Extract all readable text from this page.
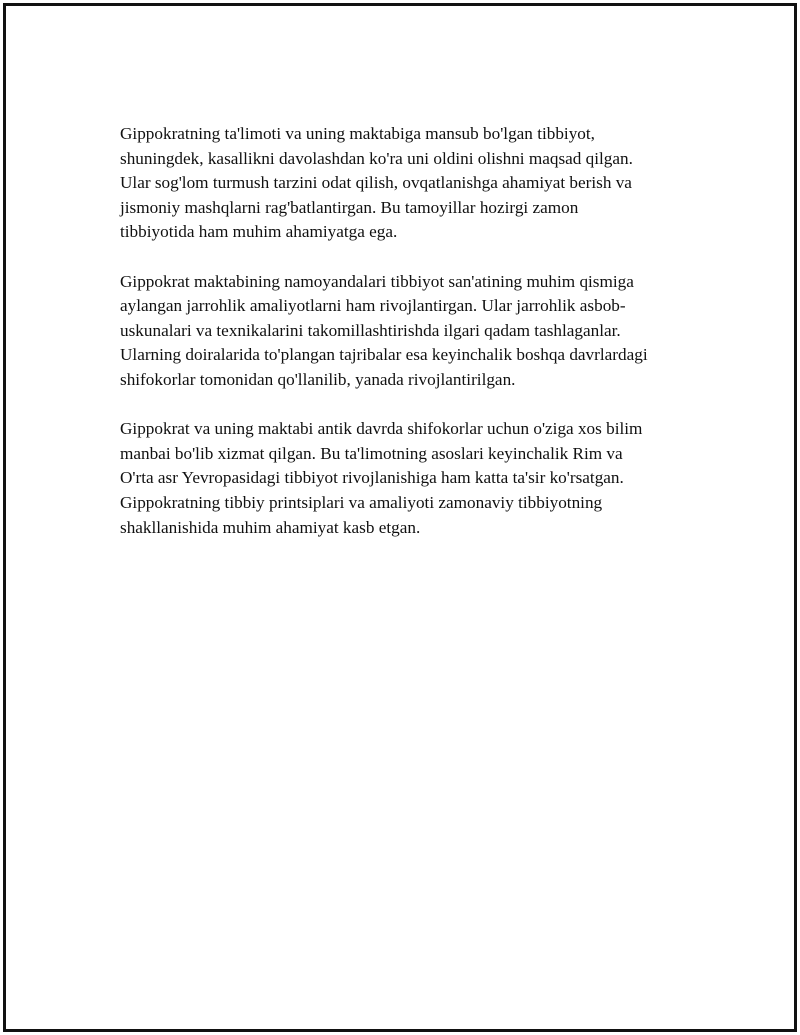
Gippokratning ta'limoti va uning maktabiga mansub bo'lgan tibbiyot,
shuningdek, kasallikni davolashdan ko'ra uni oldini olishni maqsad qilgan.
Ular sog'lom turmush tarzini odat qilish, ovqatlanishga ahamiyat berish va
jismoniy mashqlarni rag'batlantirgan. Bu tamoyillar hozirgi zamon
tibbiyotida ham muhim ahamiyatga ega.

Gippokrat maktabining namoyandalari tibbiyot san'atining muhim qismiga
aylangan jarrohlik amaliyotlarni ham rivojlantirgan. Ular jarrohlik asbob-
uskunalari va texnikalarini takomillashtirishda ilgari qadam tashlaganlar.
Ularning doiralarida to'plangan tajribalar esa keyinchalik boshqa davrlardagi
shifokorlar tomonidan qo'llanilib, yanada rivojlantirilgan.

Gippokrat va uning maktabi antik davrda shifokorlar uchun o'ziga xos bilim
manbai bo'lib xizmat qilgan. Bu ta'limotning asoslari keyinchalik Rim va
O'rta asr Yevropasidagi tibbiyot rivojlanishiga ham katta ta'sir ko'rsatgan.
Gippokratning tibbiy printsiplari va amaliyoti zamonaviy tibbiyotning
shakllanishida muhim ahamiyat kasb etgan.
